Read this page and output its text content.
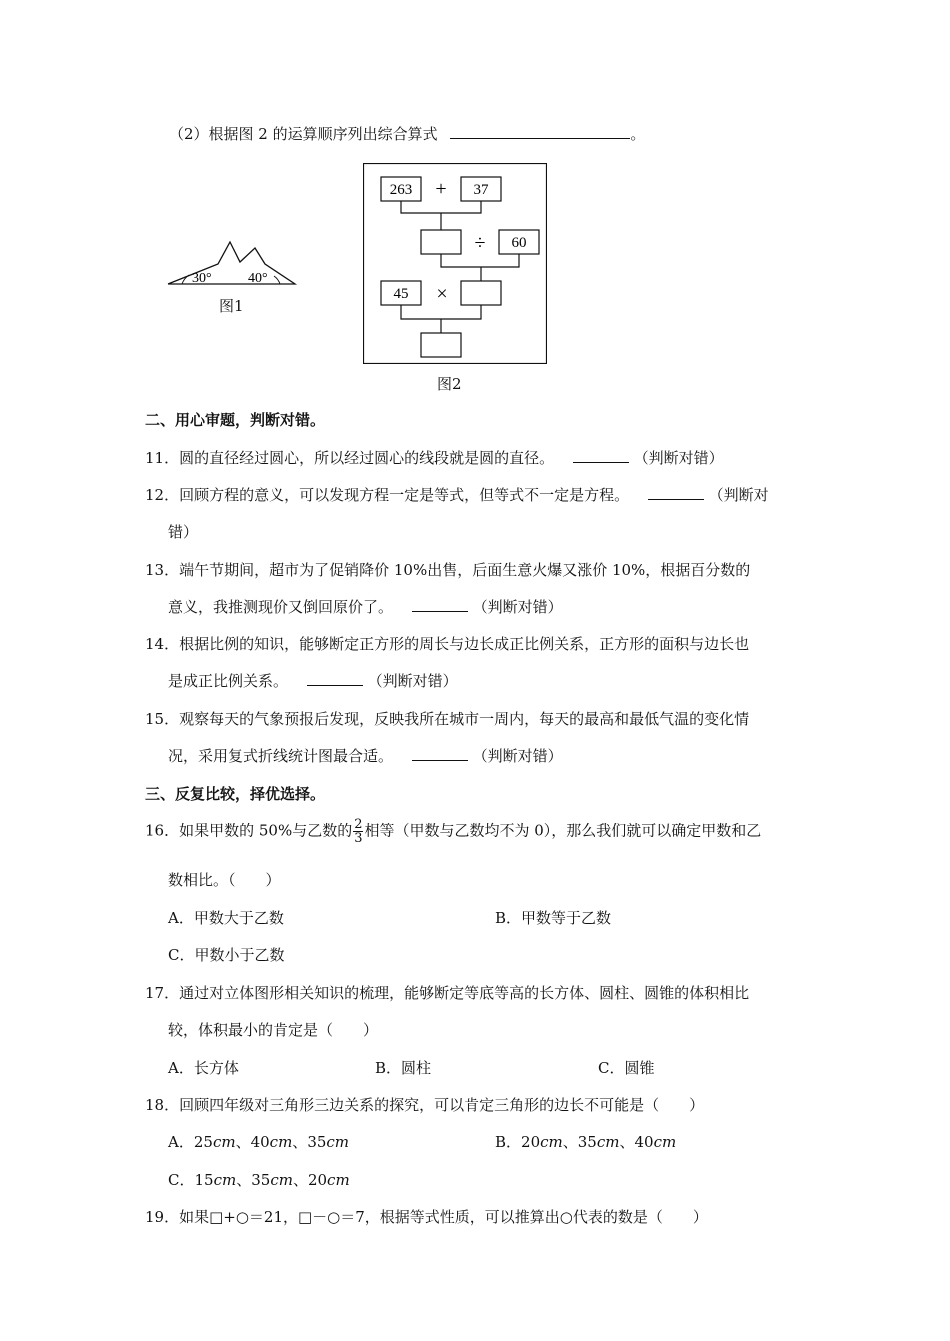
（2）根据图 2 的运算顺序列出综合算式	。
30°	40°
图1
263 + 37
÷ 60
45 ×
图2
二、用心审题，判断对错。
11．圆的直径经过圆心，所以经过圆心的线段就是圆的直径。	（判断对错）
12．回顾方程的意义，可以发现方程一定是等式，但等式不一定是方程。	（判断对
错）
13．端午节期间，超市为了促销降价 10%出售，后面生意火爆又涨价 10%，根据百分数的
意义，我推测现价又倒回原价了。	（判断对错）
14．根据比例的知识，能够断定正方形的周长与边长成正比例关系，正方形的面积与边长也
是成正比例关系。	（判断对错）
15．观察每天的气象预报后发现，反映我所在城市一周内，每天的最高和最低气温的变化情
况，采用复式折线统计图最合适。	（判断对错）
三、反复比较，择优选择。
16．如果甲数的 50%与乙数的 $\frac{2}{3}$ 相等（甲数与乙数均不为 0），那么我们就可以确定甲数和乙
数相比。（　　）
A．甲数大于乙数	B．甲数等于乙数
C．甲数小于乙数
17．通过对立体图形相关知识的梳理，能够断定等底等高的长方体、圆柱、圆锥的体积相比
较，体积最小的肯定是（　　）
A．长方体	B．圆柱	C．圆锥
18．回顾四年级对三角形三边关系的探究，可以肯定三角形的边长不可能是（　　）
A．25cm、40cm、35cm	B．20cm、35cm、40cm
C．15cm、35cm、20cm
19．如果□+○＝21，□－○＝7，根据等式性质，可以推算出○代表的数是（　　）
